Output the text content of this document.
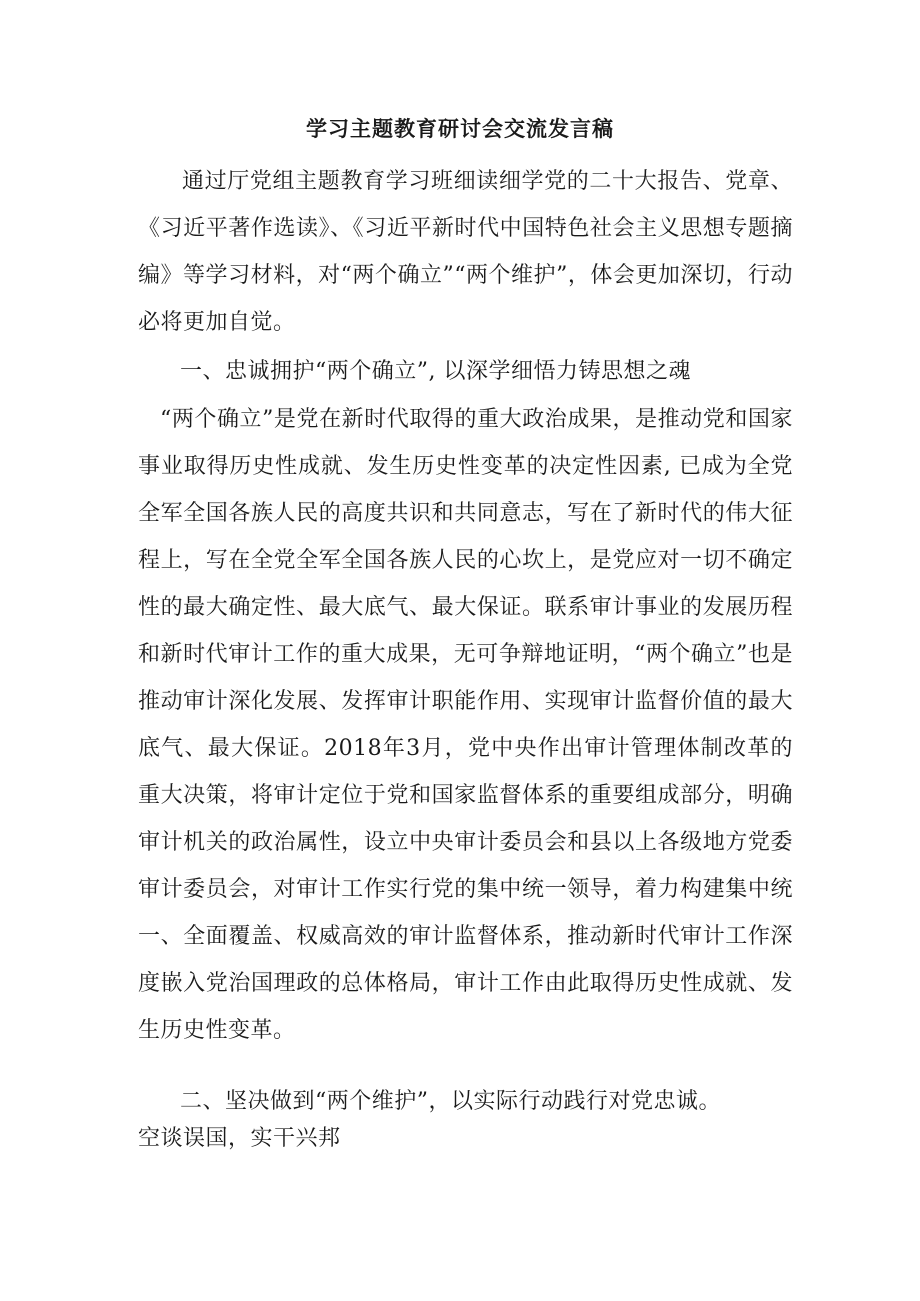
学习主题教育研讨会交流发言稿

通过厅党组主题教育学习班细读细学党的二十大报告、党章、《习近平著作选读》、《习近平新时代中国特色社会主义思想专题摘编》等学习材料，对“两个确立”“两个维护”，体会更加深切，行动必将更加自觉。

一、忠诚拥护“两个确立”, 以深学细悟力铸思想之魂

“两个确立”是党在新时代取得的重大政治成果，是推动党和国家事业取得历史性成就、发生历史性变革的决定性因素, 已成为全党全军全国各族人民的高度共识和共同意志，写在了新时代的伟大征程上，写在全党全军全国各族人民的心坎上，是党应对一切不确定性的最大确定性、最大底气、最大保证。联系审计事业的发展历程和新时代审计工作的重大成果，无可争辩地证明，“两个确立”也是推动审计深化发展、发挥审计职能作用、实现审计监督价值的最大底气、最大保证。2018年3月，党中央作出审计管理体制改革的重大决策，将审计定位于党和国家监督体系的重要组成部分，明确审计机关的政治属性，设立中央审计委员会和县以上各级地方党委审计委员会，对审计工作实行党的集中统一领导，着力构建集中统一、全面覆盖、权威高效的审计监督体系，推动新时代审计工作深度嵌入党治国理政的总体格局，审计工作由此取得历史性成就、发生历史性变革。

二、坚决做到“两个维护”，以实际行动践行对党忠诚。

空谈误国，实干兴邦
